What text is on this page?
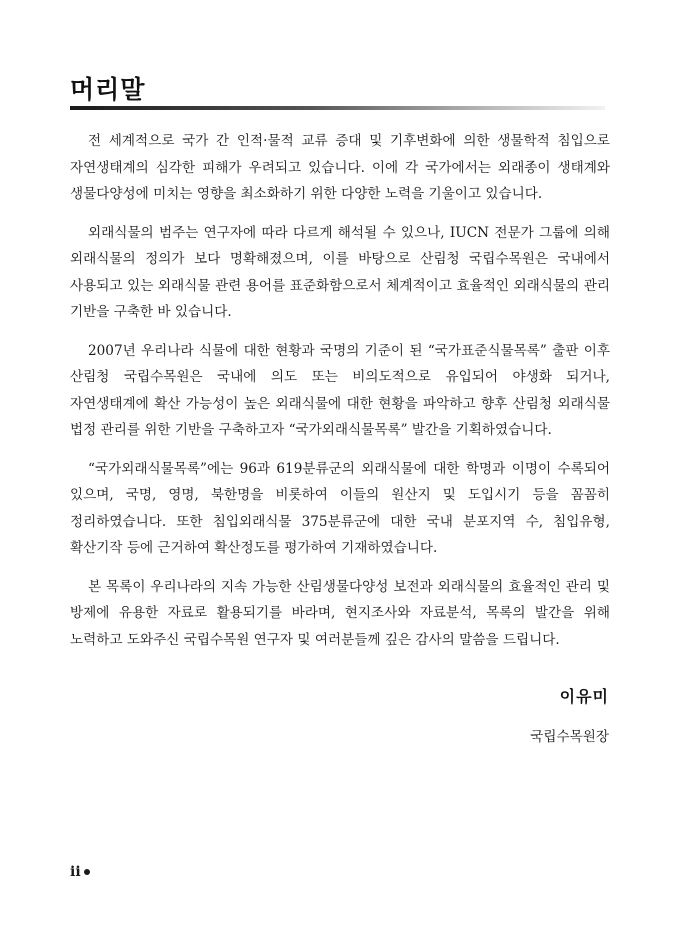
머리말

전 세계적으로 국가 간 인적·물적 교류 증대 및 기후변화에 의한 생물학적 침입으로 자연생태계의 심각한 피해가 우려되고 있습니다. 이에 각 국가에서는 외래종이 생태계와 생물다양성에 미치는 영향을 최소화하기 위한 다양한 노력을 기울이고 있습니다.

외래식물의 범주는 연구자에 따라 다르게 해석될 수 있으나, IUCN 전문가 그룹에 의해 외래식물의 정의가 보다 명확해졌으며, 이를 바탕으로 산림청 국립수목원은 국내에서 사용되고 있는 외래식물 관련 용어를 표준화함으로서 체계적이고 효율적인 외래식물의 관리 기반을 구축한 바 있습니다.

2007년 우리나라 식물에 대한 현황과 국명의 기준이 된 “국가표준식물목록” 출판 이후 산림청 국립수목원은 국내에 의도 또는 비의도적으로 유입되어 야생화 되거나, 자연생태계에 확산 가능성이 높은 외래식물에 대한 현황을 파악하고 향후 산림청 외래식물 법정 관리를 위한 기반을 구축하고자 “국가외래식물목록” 발간을 기획하였습니다.

“국가외래식물목록”에는 96과 619분류군의 외래식물에 대한 학명과 이명이 수록되어 있으며, 국명, 영명, 북한명을 비롯하여 이들의 원산지 및 도입시기 등을 꼼꼼히 정리하였습니다. 또한 침입외래식물 375분류군에 대한 국내 분포지역 수, 침입유형, 확산기작 등에 근거하여 확산정도를 평가하여 기재하였습니다.

본 목록이 우리나라의 지속 가능한 산림생물다양성 보전과 외래식물의 효율적인 관리 및 방제에 유용한 자료로 활용되기를 바라며, 현지조사와 자료분석, 목록의 발간을 위해 노력하고 도와주신 국립수목원 연구자 및 여러분들께 깊은 감사의 말씀을 드립니다.

이유미
국립수목원장
ii
